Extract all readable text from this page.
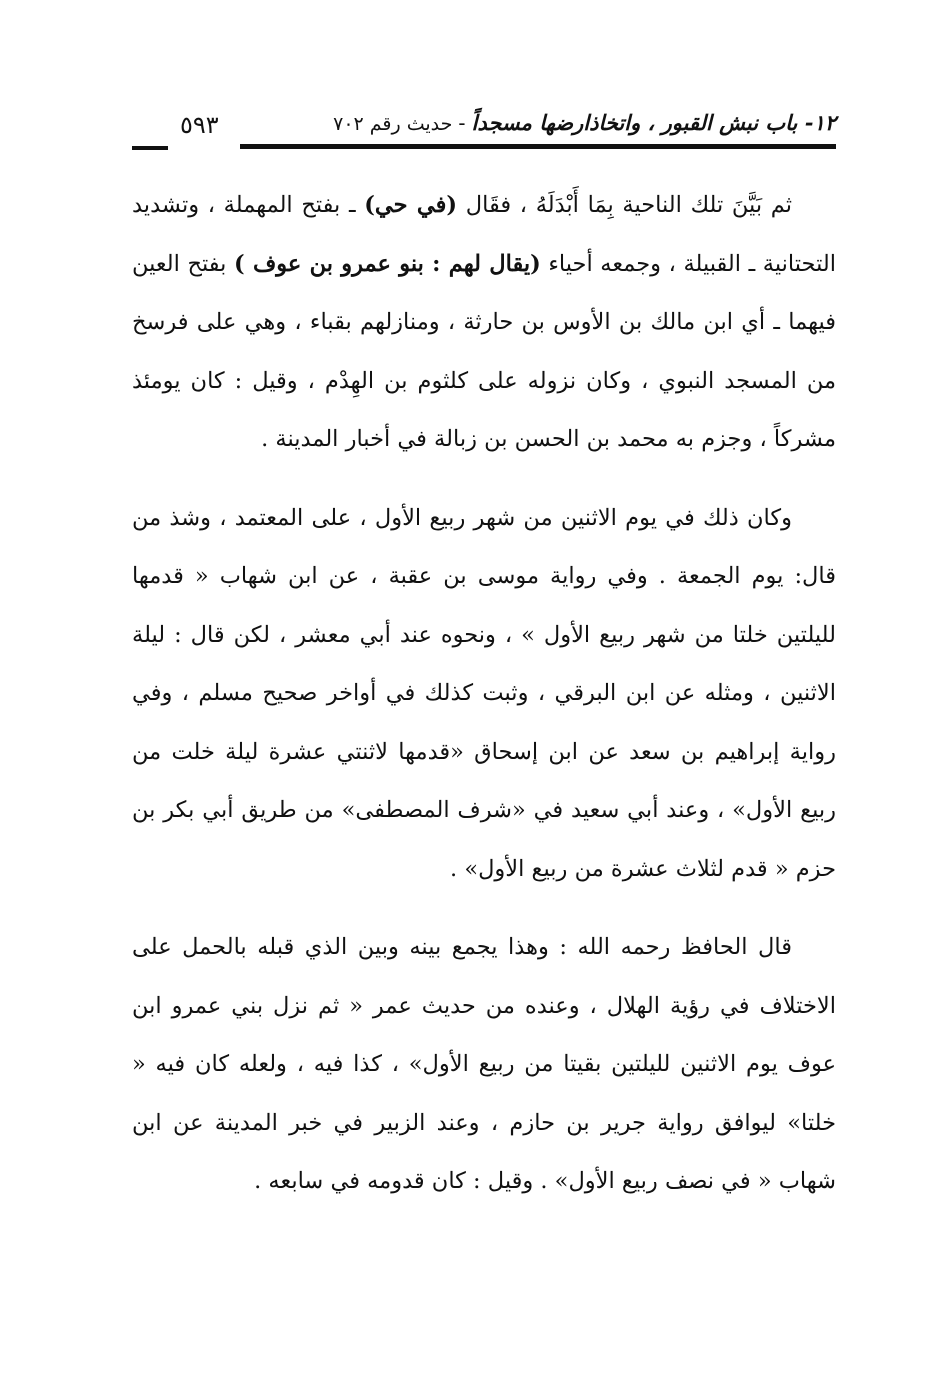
١٢- باب نبش القبور ، واتخاذارضها مسجداً-حديث رقم ٧٠٢
٥٩٣

ثم بَيَّنَ تلك الناحية بِمَا أَبْدَلَهُ ، فقَال (في حي) ـ بفتح المهملة ، وتشديد التحتانية ـ القبيلة ، وجمعه أحياء (يقال لهم : بنو عمرو بن عوف ) بفتح العين فيهما ـ أي ابن مالك بن الأوس بن حارثة ، ومنازلهم بقباء ، وهي على فرسخ من المسجد النبوي ، وكان نزوله على كلثوم بن الهِدْم ، وقيل : كان يومئذ مشركاً ، وجزم به محمد بن الحسن بن زبالة في أخبار المدينة .

وكان ذلك في يوم الاثنين من شهر ربيع الأول ، على المعتمد ، وشذ من قال: يوم الجمعة . وفي رواية موسى بن عقبة ، عن ابن شهاب « قدمها لليلتين خلتا من شهر ربيع الأول » ، ونحوه عند أبي معشر ، لكن قال : ليلة الاثنين ، ومثله عن ابن البرقي ، وثبت كذلك في أواخر صحيح مسلم ، وفي رواية إبراهيم بن سعد عن ابن إسحاق «قدمها لاثنتي عشرة ليلة خلت من ربيع الأول» ، وعند أبي سعيد في «شرف المصطفى» من طريق أبي بكر بن حزم « قدم لثلاث عشرة من ربيع الأول» .

قال الحافظ رحمه الله : وهذا يجمع بينه وبين الذي قبله بالحمل على الاختلاف في رؤية الهلال ، وعنده من حديث عمر « ثم نزل بني عمرو ابن عوف يوم الاثنين لليلتين بقيتا من ربيع الأول» ، كذا فيه ، ولعله كان فيه « خلتا» ليوافق رواية جرير بن حازم ، وعند الزبير في خبر المدينة عن ابن شهاب « في نصف ربيع الأول» . وقيل : كان قدومه في سابعه .
